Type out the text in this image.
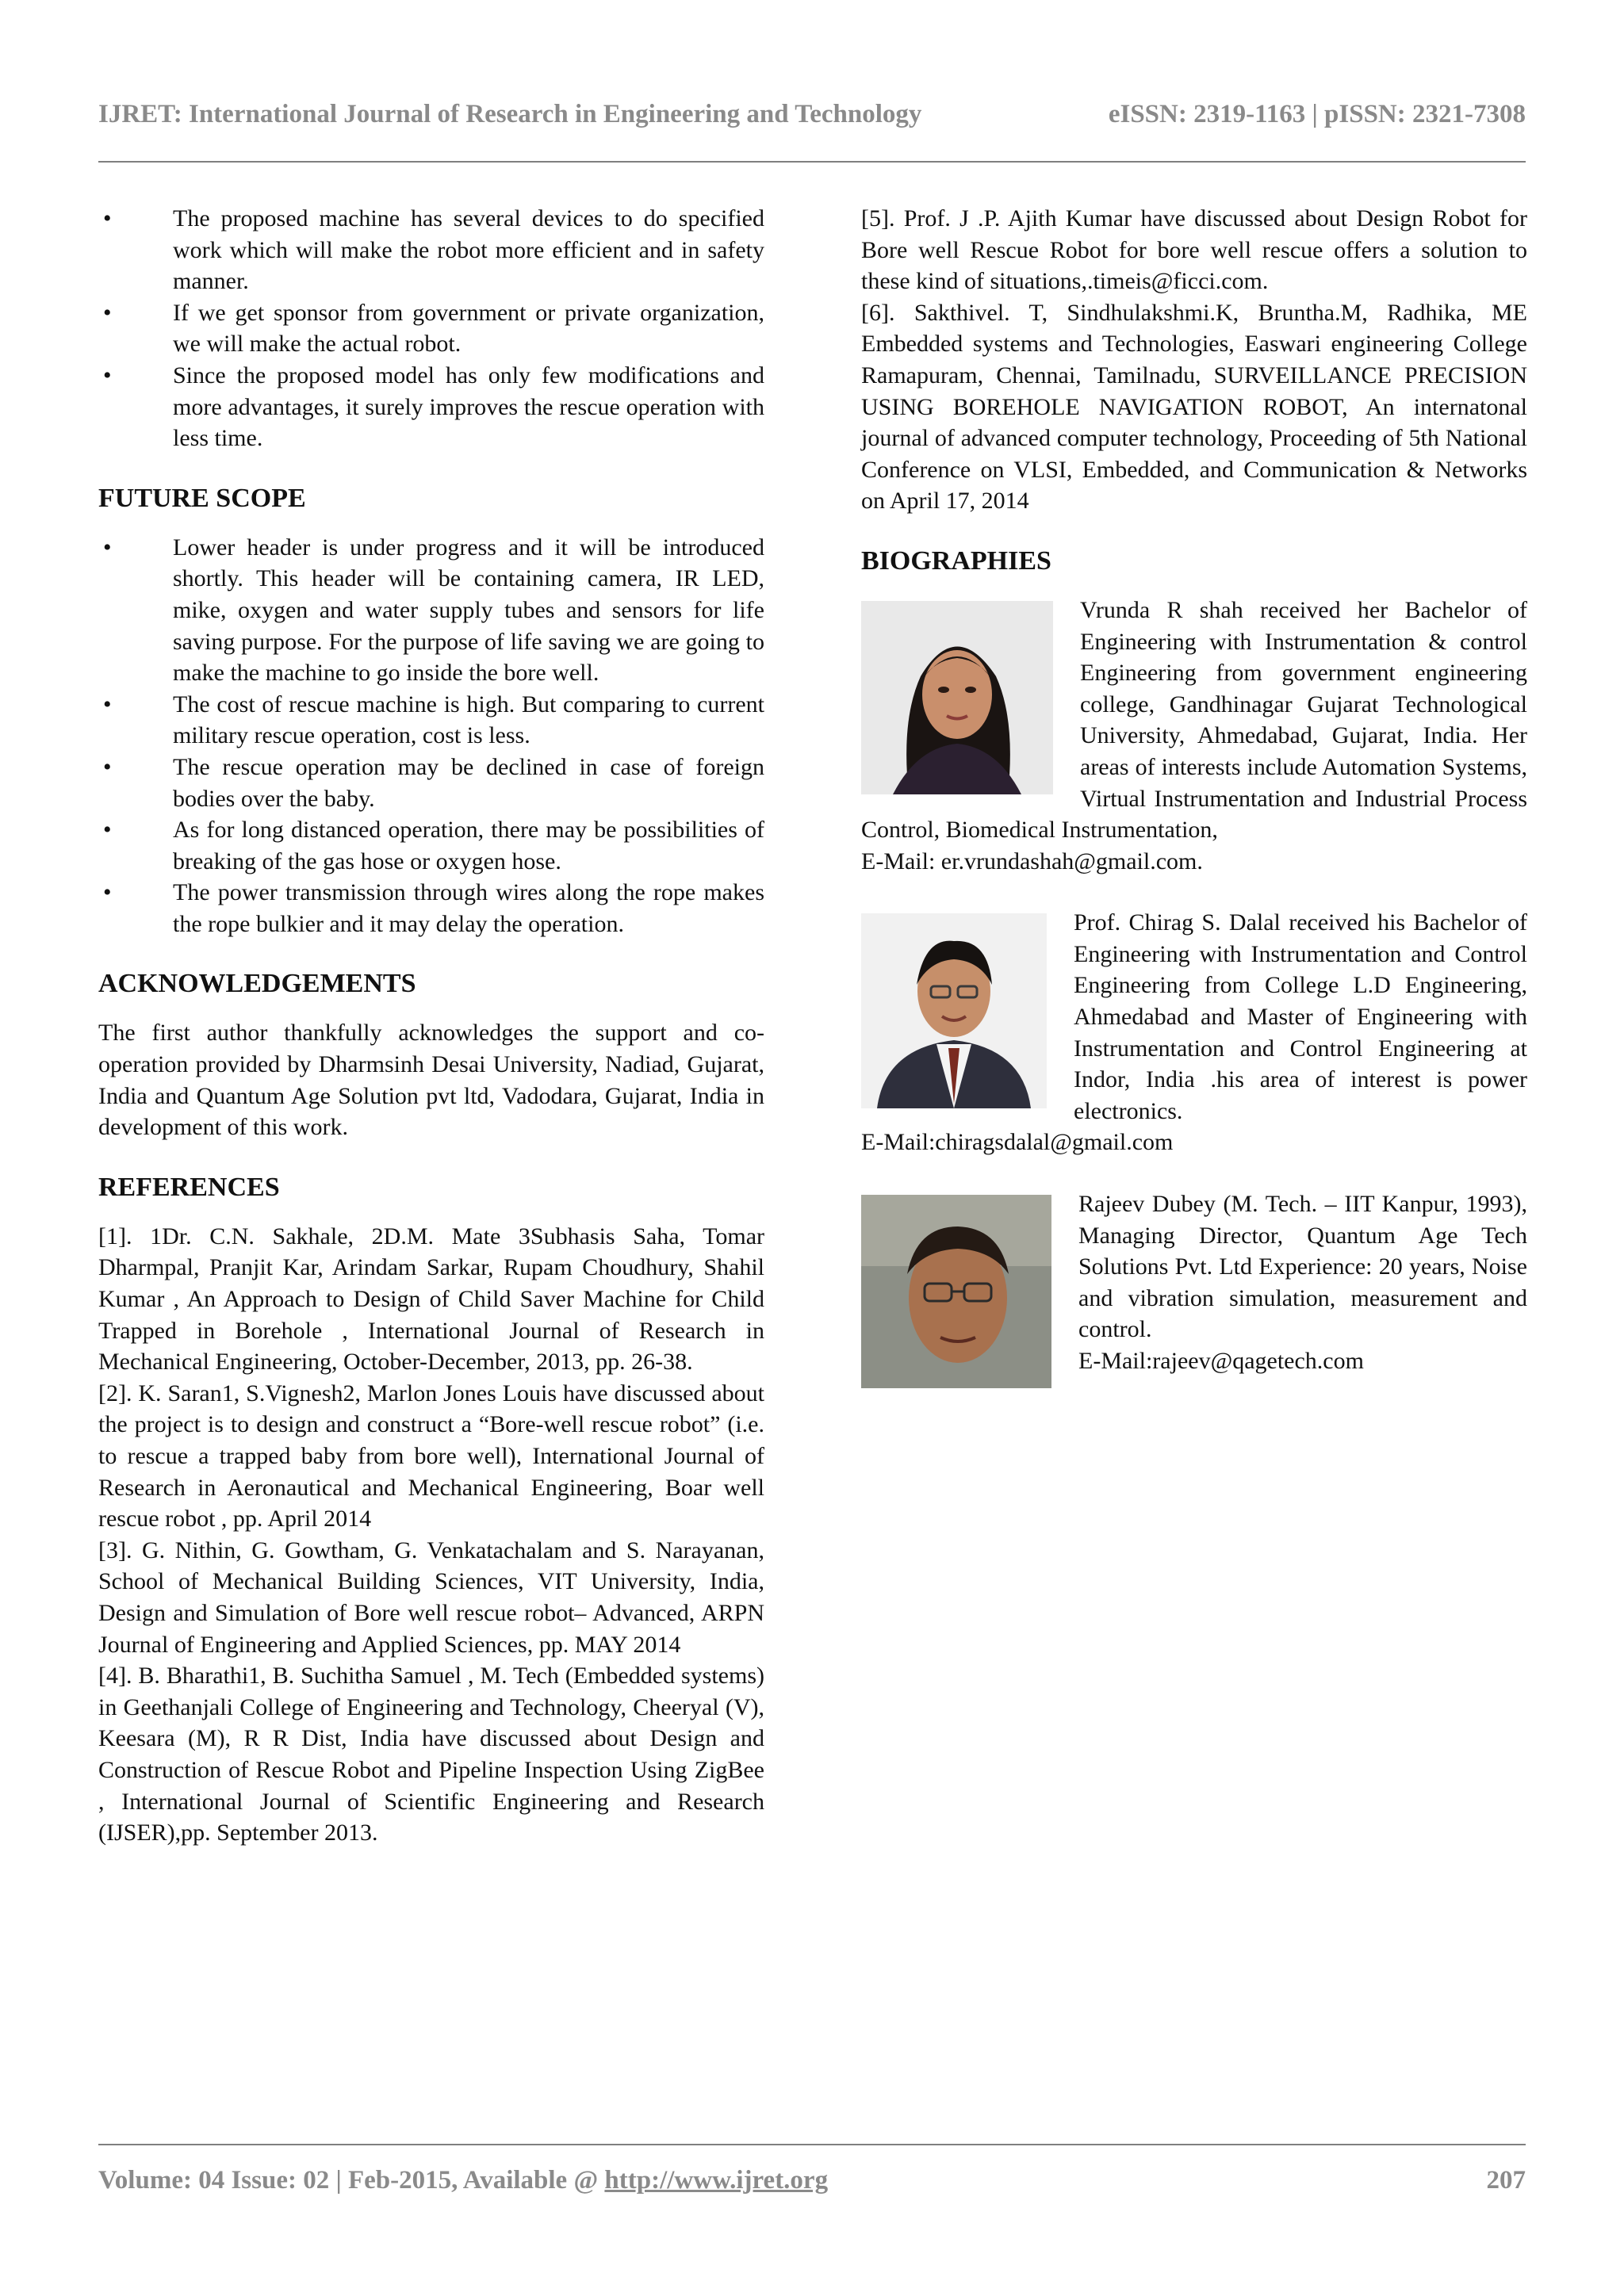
IJRET: International Journal of Research in Engineering and Technology	eISSN: 2319-1163 | pISSN: 2321-7308
•	The proposed machine has several devices to do specified work which will make the robot more efficient and in safety manner.
•	If we get sponsor from government or private organization, we will make the actual robot.
•	Since the proposed model has only few modifications and more advantages, it surely improves the rescue operation with less time.
FUTURE SCOPE
•	Lower header is under progress and it will be introduced shortly. This header will be containing camera, IR LED, mike, oxygen and water supply tubes and sensors for life saving purpose. For the purpose of life saving we are going to make the machine to go inside the bore well.
•	The cost of rescue machine is high. But comparing to current military rescue operation, cost is less.
•	The rescue operation may be declined in case of foreign bodies over the baby.
•	As for long distanced operation, there may be possibilities of breaking of the gas hose or oxygen hose.
•	The power transmission through wires along the rope makes the rope bulkier and it may delay the operation.
ACKNOWLEDGEMENTS

The first author thankfully acknowledges the support and co-operation provided by Dharmsinh Desai University, Nadiad, Gujarat, India and Quantum Age Solution pvt ltd, Vadodara, Gujarat, India in development of this work.

REFERENCES

[1]. 1Dr. C.N. Sakhale, 2D.M. Mate 3Subhasis Saha, Tomar Dharmpal, Pranjit Kar, Arindam Sarkar, Rupam Choudhury, Shahil Kumar , An Approach to Design of Child Saver Machine for Child Trapped in Borehole , International Journal of Research in Mechanical Engineering, October-December, 2013, pp. 26-38.

[2]. K. Saran1, S.Vignesh2, Marlon Jones Louis have discussed about the project is to design and construct a “Bore-well rescue robot” (i.e. to rescue a trapped baby from bore well), International Journal of Research in Aeronautical and Mechanical Engineering, Boar well rescue robot , pp. April 2014

[3]. G. Nithin, G. Gowtham, G. Venkatachalam and S. Narayanan, School of Mechanical Building Sciences, VIT University, India, Design and Simulation of Bore well rescue robot– Advanced, ARPN Journal of Engineering and Applied Sciences, pp. MAY 2014

[4]. B. Bharathi1, B. Suchitha Samuel , M. Tech (Embedded systems) in Geethanjali College of Engineering and Technology, Cheeryal (V), Keesara (M), R R Dist, India have discussed about Design and Construction of Rescue Robot and Pipeline Inspection Using ZigBee , International Journal of Scientific Engineering and Research (IJSER),pp. September 2013.

[5]. Prof. J .P. Ajith Kumar have discussed about Design Robot for Bore well Rescue Robot for bore well rescue offers a solution to these kind of situations,.timeis@ficci.com.

[6]. Sakthivel. T, Sindhulakshmi.K, Bruntha.M, Radhika, ME Embedded systems and Technologies, Easwari engineering College Ramapuram, Chennai, Tamilnadu, SURVEILLANCE PRECISION USING BOREHOLE NAVIGATION ROBOT, An internatonal journal of advanced computer technology, Proceeding of 5th National Conference on VLSI, Embedded, and Communication & Networks on April 17, 2014

BIOGRAPHIES

Vrunda R shah received her Bachelor of Engineering with Instrumentation & control Engineering from government engineering college, Gandhinagar Gujarat Technological University, Ahmedabad, Gujarat, India. Her areas of interests include Automation Systems, Virtual Instrumentation and Industrial Process Control, Biomedical Instrumentation,

E-Mail: er.vrundashah@gmail.com.

Prof. Chirag S. Dalal received his Bachelor of Engineering with Instrumentation and Control Engineering from College L.D Engineering, Ahmedabad and Master of Engineering with Instrumentation and Control Engineering at Indor, India .his area of interest is power electronics.

E-Mail:chiragsdalal@gmail.com

Rajeev Dubey (M. Tech. – IIT Kanpur, 1993), Managing Director, Quantum Age Tech Solutions Pvt. Ltd Experience: 20 years, Noise and vibration simulation, measurement and control.

E-Mail:rajeev@qagetech.com

Volume: 04 Issue: 02 | Feb-2015, Available @ http://www.ijret.org	207
